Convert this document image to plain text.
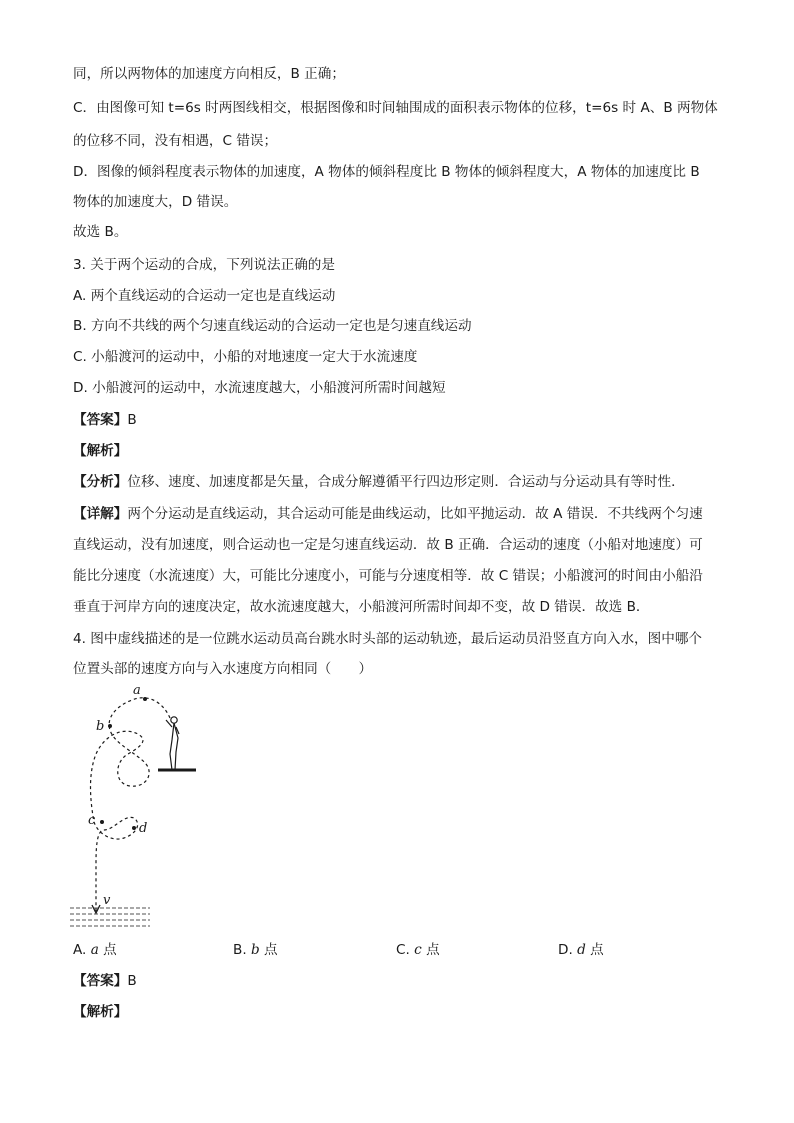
同，所以两物体的加速度方向相反，B 正确；
C．由图像可知 t=6s 时两图线相交，根据图像和时间轴围成的面积表示物体的位移，t=6s 时 A、B 两物体
的位移不同，没有相遇，C 错误；
D．图像的倾斜程度表示物体的加速度，A 物体的倾斜程度比 B 物体的倾斜程度大，A 物体的加速度比 B
物体的加速度大，D 错误。
故选 B。
3. 关于两个运动的合成，下列说法正确的是
A. 两个直线运动的合运动一定也是直线运动
B. 方向不共线的两个匀速直线运动的合运动一定也是匀速直线运动
C. 小船渡河的运动中，小船的对地速度一定大于水流速度
D. 小船渡河的运动中，水流速度越大，小船渡河所需时间越短
【答案】B
【解析】
【分析】位移、速度、加速度都是矢量，合成分解遵循平行四边形定则．合运动与分运动具有等时性．
【详解】两个分运动是直线运动，其合运动可能是曲线运动，比如平抛运动．故 A 错误．不共线两个匀速
直线运动，没有加速度，则合运动也一定是匀速直线运动．故 B 正确．合运动的速度（小船对地速度）可
能比分速度（水流速度）大，可能比分速度小，可能与分速度相等．故 C 错误；小船渡河的时间由小船沿
垂直于河岸方向的速度决定，故水流速度越大，小船渡河所需时间却不变，故 D 错误．故选 B．
4. 图中虚线描述的是一位跳水运动员高台跳水时头部的运动轨迹，最后运动员沿竖直方向入水，图中哪个
位置头部的速度方向与入水速度方向相同（　　）
a
b
c
d
v
A. a 点	B. b 点	C. c 点	D. d 点
【答案】B
【解析】
